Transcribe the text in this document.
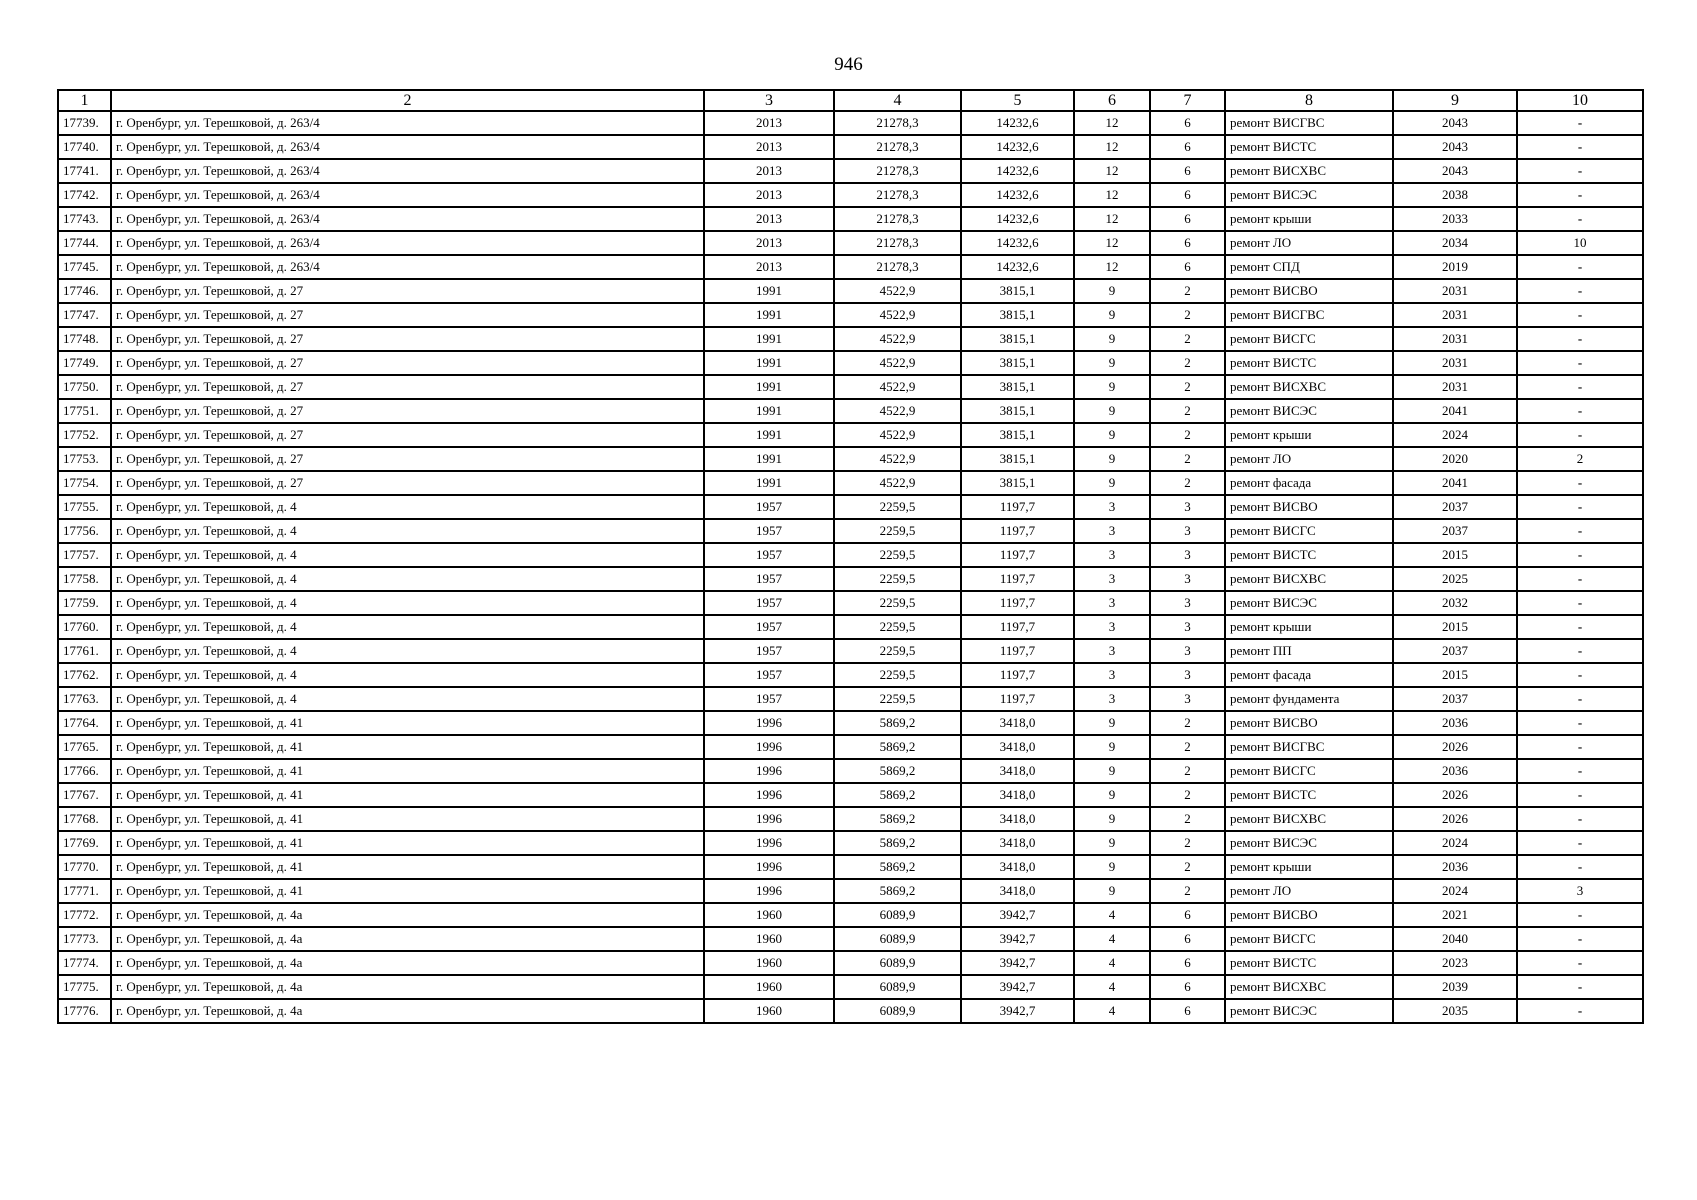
946
1	2	3	4	5	6	7	8	9	10
17739.	г. Оренбург, ул. Терешковой, д. 263/4	2013	21278,3	14232,6	12	6	ремонт ВИСГВС	2043	-
17740.	г. Оренбург, ул. Терешковой, д. 263/4	2013	21278,3	14232,6	12	6	ремонт ВИСТС	2043	-
17741.	г. Оренбург, ул. Терешковой, д. 263/4	2013	21278,3	14232,6	12	6	ремонт ВИСХВС	2043	-
17742.	г. Оренбург, ул. Терешковой, д. 263/4	2013	21278,3	14232,6	12	6	ремонт ВИСЭС	2038	-
17743.	г. Оренбург, ул. Терешковой, д. 263/4	2013	21278,3	14232,6	12	6	ремонт крыши	2033	-
17744.	г. Оренбург, ул. Терешковой, д. 263/4	2013	21278,3	14232,6	12	6	ремонт ЛО	2034	10
17745.	г. Оренбург, ул. Терешковой, д. 263/4	2013	21278,3	14232,6	12	6	ремонт СПД	2019	-
17746.	г. Оренбург, ул. Терешковой, д. 27	1991	4522,9	3815,1	9	2	ремонт ВИСВО	2031	-
17747.	г. Оренбург, ул. Терешковой, д. 27	1991	4522,9	3815,1	9	2	ремонт ВИСГВС	2031	-
17748.	г. Оренбург, ул. Терешковой, д. 27	1991	4522,9	3815,1	9	2	ремонт ВИСГС	2031	-
17749.	г. Оренбург, ул. Терешковой, д. 27	1991	4522,9	3815,1	9	2	ремонт ВИСТС	2031	-
17750.	г. Оренбург, ул. Терешковой, д. 27	1991	4522,9	3815,1	9	2	ремонт ВИСХВС	2031	-
17751.	г. Оренбург, ул. Терешковой, д. 27	1991	4522,9	3815,1	9	2	ремонт ВИСЭС	2041	-
17752.	г. Оренбург, ул. Терешковой, д. 27	1991	4522,9	3815,1	9	2	ремонт крыши	2024	-
17753.	г. Оренбург, ул. Терешковой, д. 27	1991	4522,9	3815,1	9	2	ремонт ЛО	2020	2
17754.	г. Оренбург, ул. Терешковой, д. 27	1991	4522,9	3815,1	9	2	ремонт фасада	2041	-
17755.	г. Оренбург, ул. Терешковой, д. 4	1957	2259,5	1197,7	3	3	ремонт ВИСВО	2037	-
17756.	г. Оренбург, ул. Терешковой, д. 4	1957	2259,5	1197,7	3	3	ремонт ВИСГС	2037	-
17757.	г. Оренбург, ул. Терешковой, д. 4	1957	2259,5	1197,7	3	3	ремонт ВИСТС	2015	-
17758.	г. Оренбург, ул. Терешковой, д. 4	1957	2259,5	1197,7	3	3	ремонт ВИСХВС	2025	-
17759.	г. Оренбург, ул. Терешковой, д. 4	1957	2259,5	1197,7	3	3	ремонт ВИСЭС	2032	-
17760.	г. Оренбург, ул. Терешковой, д. 4	1957	2259,5	1197,7	3	3	ремонт крыши	2015	-
17761.	г. Оренбург, ул. Терешковой, д. 4	1957	2259,5	1197,7	3	3	ремонт ПП	2037	-
17762.	г. Оренбург, ул. Терешковой, д. 4	1957	2259,5	1197,7	3	3	ремонт фасада	2015	-
17763.	г. Оренбург, ул. Терешковой, д. 4	1957	2259,5	1197,7	3	3	ремонт фундамента	2037	-
17764.	г. Оренбург, ул. Терешковой, д. 41	1996	5869,2	3418,0	9	2	ремонт ВИСВО	2036	-
17765.	г. Оренбург, ул. Терешковой, д. 41	1996	5869,2	3418,0	9	2	ремонт ВИСГВС	2026	-
17766.	г. Оренбург, ул. Терешковой, д. 41	1996	5869,2	3418,0	9	2	ремонт ВИСГС	2036	-
17767.	г. Оренбург, ул. Терешковой, д. 41	1996	5869,2	3418,0	9	2	ремонт ВИСТС	2026	-
17768.	г. Оренбург, ул. Терешковой, д. 41	1996	5869,2	3418,0	9	2	ремонт ВИСХВС	2026	-
17769.	г. Оренбург, ул. Терешковой, д. 41	1996	5869,2	3418,0	9	2	ремонт ВИСЭС	2024	-
17770.	г. Оренбург, ул. Терешковой, д. 41	1996	5869,2	3418,0	9	2	ремонт крыши	2036	-
17771.	г. Оренбург, ул. Терешковой, д. 41	1996	5869,2	3418,0	9	2	ремонт ЛО	2024	3
17772.	г. Оренбург, ул. Терешковой, д. 4а	1960	6089,9	3942,7	4	6	ремонт ВИСВО	2021	-
17773.	г. Оренбург, ул. Терешковой, д. 4а	1960	6089,9	3942,7	4	6	ремонт ВИСГС	2040	-
17774.	г. Оренбург, ул. Терешковой, д. 4а	1960	6089,9	3942,7	4	6	ремонт ВИСТС	2023	-
17775.	г. Оренбург, ул. Терешковой, д. 4а	1960	6089,9	3942,7	4	6	ремонт ВИСХВС	2039	-
17776.	г. Оренбург, ул. Терешковой, д. 4а	1960	6089,9	3942,7	4	6	ремонт ВИСЭС	2035	-
